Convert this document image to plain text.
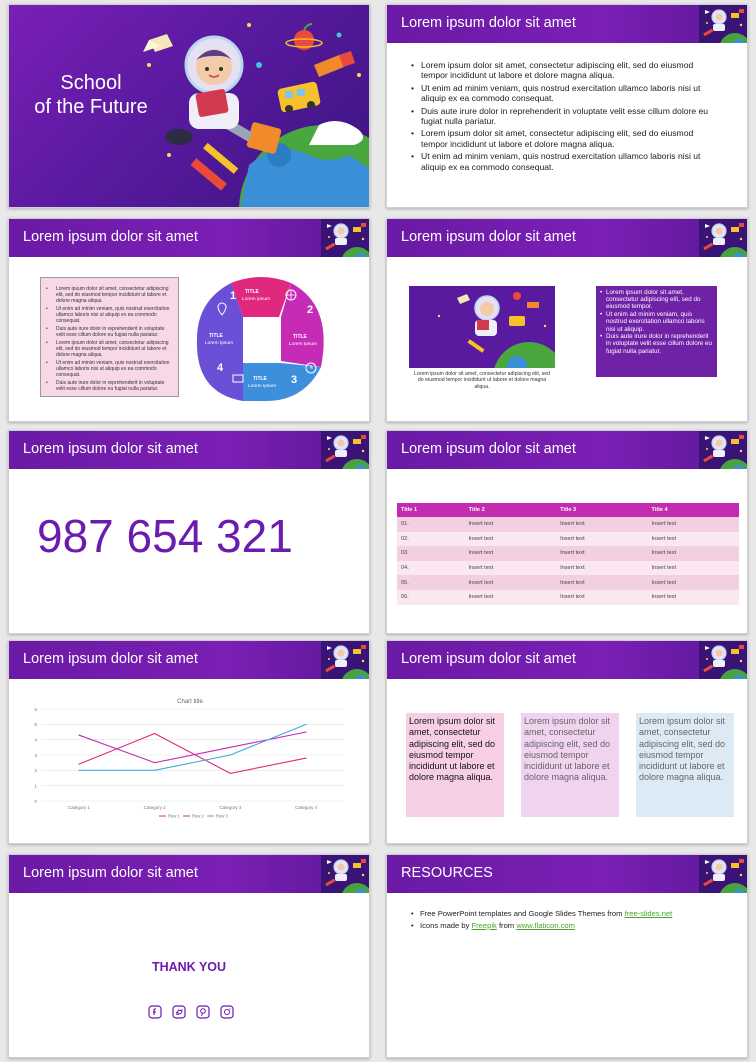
School
of the Future
Lorem ipsum dolor sit amet
• Lorem ipsum dolor sit amet, consectetur adipiscing elit, sed do eiusmod tempor incididunt ut labore et dolore magna aliqua.
• Ut enim ad minim veniam, quis nostrud exercitation ullamco laboris nisi ut aliquip ex ea commodo consequat.
• Duis aute irure dolor in reprehenderit in voluptate velit esse cillum dolore eu fugiat nulla pariatur.
• Lorem ipsum dolor sit amet, consectetur adipiscing elit, sed do eiusmod tempor incididunt ut labore et dolore magna aliqua.
• Ut enim ad minim veniam, quis nostrud exercitation ullamco laboris nisi ut aliquip ex ea commodo consequat.
Lorem ipsum dolor sit amet
• Lorem ipsum dolor sit amet, consectetur adipiscing elit, sed do eiusmod tempor incididunt ut labore et dolore magna aliqua.
• Ut enim ad minim veniam, quis nostrud exercitation ullamco laboris nisi ut aliquip ex ea commodo consequat.
• Duis aute irure dolor in reprehenderit in voluptate velit esse cillum dolore eu fugiat nulla pariatur.
• Lorem ipsum dolor sit amet, consectetur adipiscing elit, sed do eiusmod tempor incididunt ut labore et dolore magna aliqua.
• Ut enim ad minim veniam, quis nostrud exercitation ullamco laboris nisi ut aliquip ex ea commodo consequat.
• Duis aute irure dolor in reprehenderit in voluptate velit esse cillum dolore eu fugiat nulla pariatur.
1
2
3
4
TITLE
Lorem Ipsum
TITLE
Lorem Ipsum
TITLE
Lorem Ipsum
TITLE
Lorem Ipsum
Lorem ipsum dolor sit amet
Lorem ipsum dolor sit amet, consectetur adipiscing elit, sed do eiusmod tempor incididunt ut labore et dolore magna aliqua.
• Lorem ipsum dolor sit amet, consectetur adipiscing elit, sed do eiusmod tempor.
• Ut enim ad minim veniam, quis nostrud exercitation ullamco laboris nisi ut aliquip.
• Duis aute irure dolor in reprehenderit in voluptate velit esse cillum dolore eu fugiat nulla pariatur.
Lorem ipsum dolor sit amet
987 654 321
Lorem ipsum dolor sit amet
Title 1	Title 2	Title 3	Title 4
01.	Insert text	Insert text	Insert text
02.	Insert text	Insert text	Insert text
03.	Insert text	Insert text	Insert text
04.	Insert text	Insert text	Insert text
05.	Insert text	Insert text	Insert text
06.	Insert text	Insert text	Insert text
Lorem ipsum dolor sit amet
Chart title
0
1
2
3
4
5
6
Category 1	Category 2	Category 3	Category 4
Row 1	Row 2	Row 3
Lorem ipsum dolor sit amet
Lorem ipsum dolor sit amet, consectetur adipiscing elit, sed do eiusmod tempor incididunt ut labore et dolore magna aliqua.
Lorem ipsum dolor sit amet, consectetur adipiscing elit, sed do eiusmod tempor incididunt ut labore et dolore magna aliqua.
Lorem ipsum dolor sit amet, consectetur adipiscing elit, sed do eiusmod tempor incididunt ut labore et dolore magna aliqua.
Lorem ipsum dolor sit amet
THANK YOU
RESOURCES
• Free PowerPoint templates and Google Slides Themes from free-slides.net
• Icons made by Freepik from www.flaticon.com
